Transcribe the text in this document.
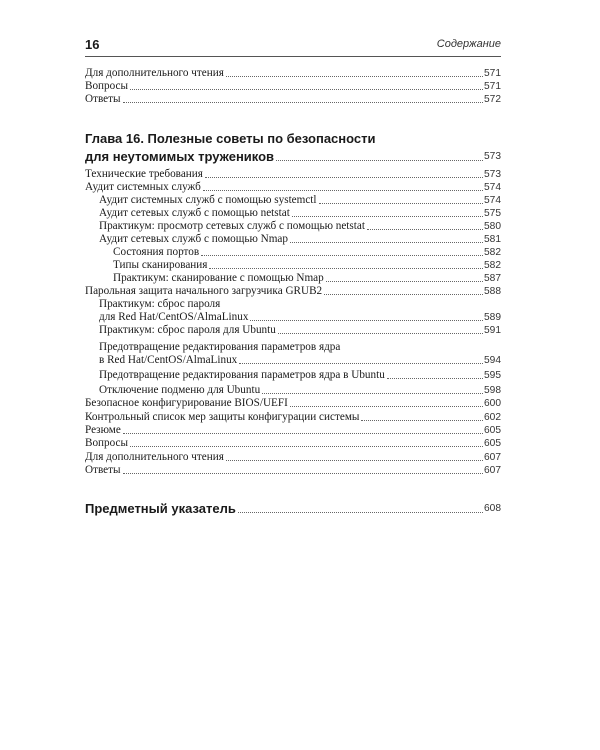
16	Содержание
Для дополнительного чтения	571
Вопросы	571
Ответы	572
Глава 16. Полезные советы по безопасности
для неутомимых тружеников	573
Технические требования	573
Аудит системных служб	574
Аудит системных служб с помощью systemctl	574
Аудит сетевых служб с помощью netstat	575
Практикум: просмотр сетевых служб с помощью netstat	580
Аудит сетевых служб с помощью Nmap	581
Состояния портов	582
Типы сканирования	582
Практикум: сканирование с помощью Nmap	587
Парольная защита начального загрузчика GRUB2	588
Практикум: сброс пароля
для Red Hat/CentOS/AlmaLinux	589
Практикум: сброс пароля для Ubuntu	591
Предотвращение редактирования параметров ядра
в Red Hat/CentOS/AlmaLinux	594
Предотвращение редактирования параметров ядра в Ubuntu	595
Отключение подменю для Ubuntu	598
Безопасное конфигурирование BIOS/UEFI	600
Контрольный список мер защиты конфигурации системы	602
Резюме	605
Вопросы	605
Для дополнительного чтения	607
Ответы	607
Предметный указатель	608
